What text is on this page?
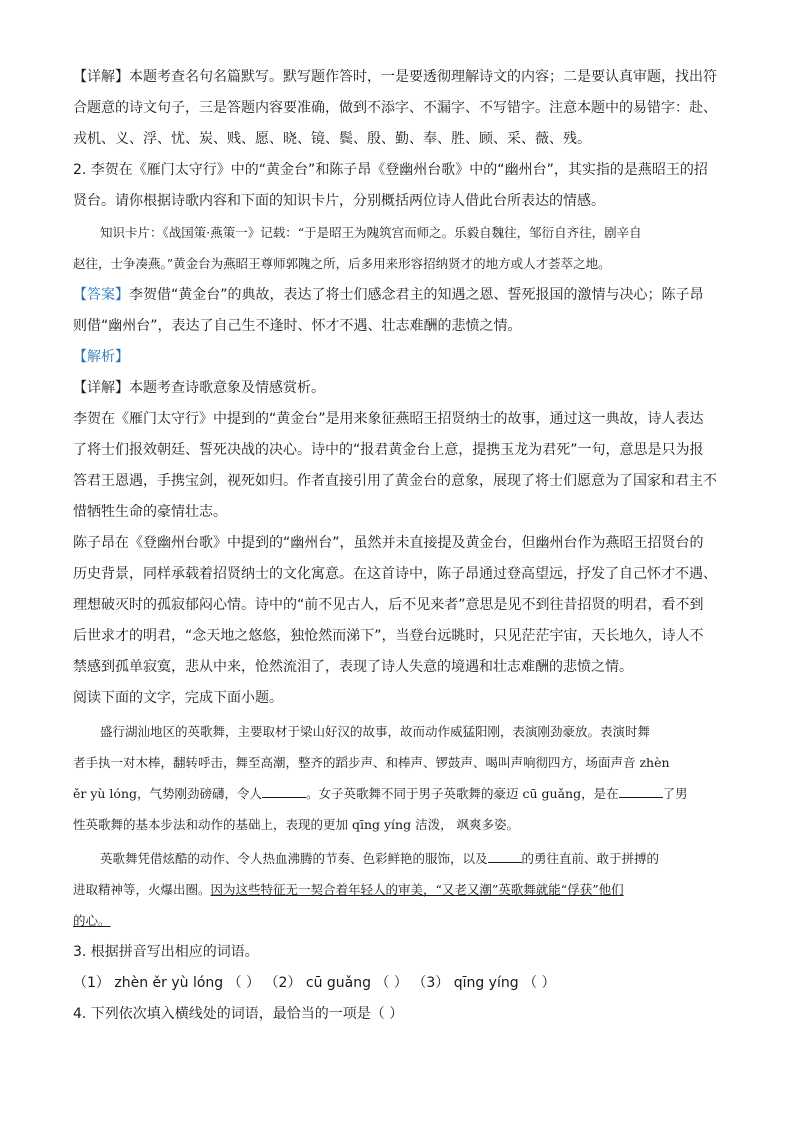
【详解】本题考查名句名篇默写。默写题作答时，一是要透彻理解诗文的内容；二是要认真审题，找出符
合题意的诗文句子，三是答题内容要准确，做到不添字、不漏字、不写错字。注意本题中的易错字：赴、
戎机、义、浮、忧、炭、贱、愿、晓、镜、鬓、殷、勤、奉、胜、顾、采、薇、残。
2. 李贺在《雁门太守行》中的“黄金台”和陈子昂《登幽州台歌》中的“幽州台”，其实指的是燕昭王的招
贤台。请你根据诗歌内容和下面的知识卡片，分别概括两位诗人借此台所表达的情感。
知识卡片：《战国策·燕策一》记载：“于是昭王为隗筑宫而师之。乐毅自魏往，邹衍自齐往，剧辛自
赵往，士争凑燕。”黄金台为燕昭王尊师郭隗之所，后多用来形容招纳贤才的地方或人才荟萃之地。
【答案】李贺借“黄金台”的典故，表达了将士们感念君主的知遇之恩、誓死报国的激情与决心；陈子昂
则借“幽州台”，表达了自己生不逢时、怀才不遇、壮志难酬的悲愤之情。
【解析】
【详解】本题考查诗歌意象及情感赏析。
李贺在《雁门太守行》中提到的“黄金台”是用来象征燕昭王招贤纳士的故事，通过这一典故，诗人表达
了将士们报效朝廷、誓死决战的决心。诗中的“报君黄金台上意，提携玉龙为君死”一句，意思是只为报
答君王恩遇，手携宝剑，视死如归。作者直接引用了黄金台的意象，展现了将士们愿意为了国家和君主不
惜牺牲生命的豪情壮志。
陈子昂在《登幽州台歌》中提到的“幽州台”，虽然并未直接提及黄金台，但幽州台作为燕昭王招贤台的
历史背景，同样承载着招贤纳士的文化寓意。在这首诗中，陈子昂通过登高望远，抒发了自己怀才不遇、
理想破灭时的孤寂郁闷心情。诗中的“前不见古人，后不见来者”意思是见不到往昔招贤的明君，看不到
后世求才的明君，“念天地之悠悠，独怆然而涕下”，当登台远眺时，只见茫茫宇宙，天长地久，诗人不
禁感到孤单寂寞，悲从中来，怆然流泪了，表现了诗人失意的境遇和壮志难酬的悲愤之情。
阅读下面的文字，完成下面小题。
盛行湖汕地区的英歌舞，主要取材于梁山好汉的故事，故而动作威猛阳刚，表演刚劲豪放。表演时舞
者手执一对木棒，翻转呼击，舞至高潮，整齐的蹈步声、和棒声、锣鼓声、喝叫声响彻四方，场面声音 zhèn
ěr yù lóng，气势刚劲磅礴，令人	。女子英歌舞不同于男子英歌舞的豪迈 cū guǎng，是在	了男
性英歌舞的基本步法和动作的基础上，表现的更加 qīng yíng 洁泼， 飒爽多姿。
英歌舞凭借炫酷的动作、令人热血沸腾的节奏、色彩鲜艳的服饰，以及	的勇往直前、敢于拼搏的
进取精神等，火爆出圈。因为这些特征无一契合着年轻人的审美，“又老又潮”英歌舞就能“俘获”他们
的心。
3. 根据拼音写出相应的词语。
（1） zhèn ěr yù lóng （ ） （2） cū guǎng （ ） （3） qīng yíng （ ）
4. 下列依次填入横线处的词语，最恰当的一项是（ ）
